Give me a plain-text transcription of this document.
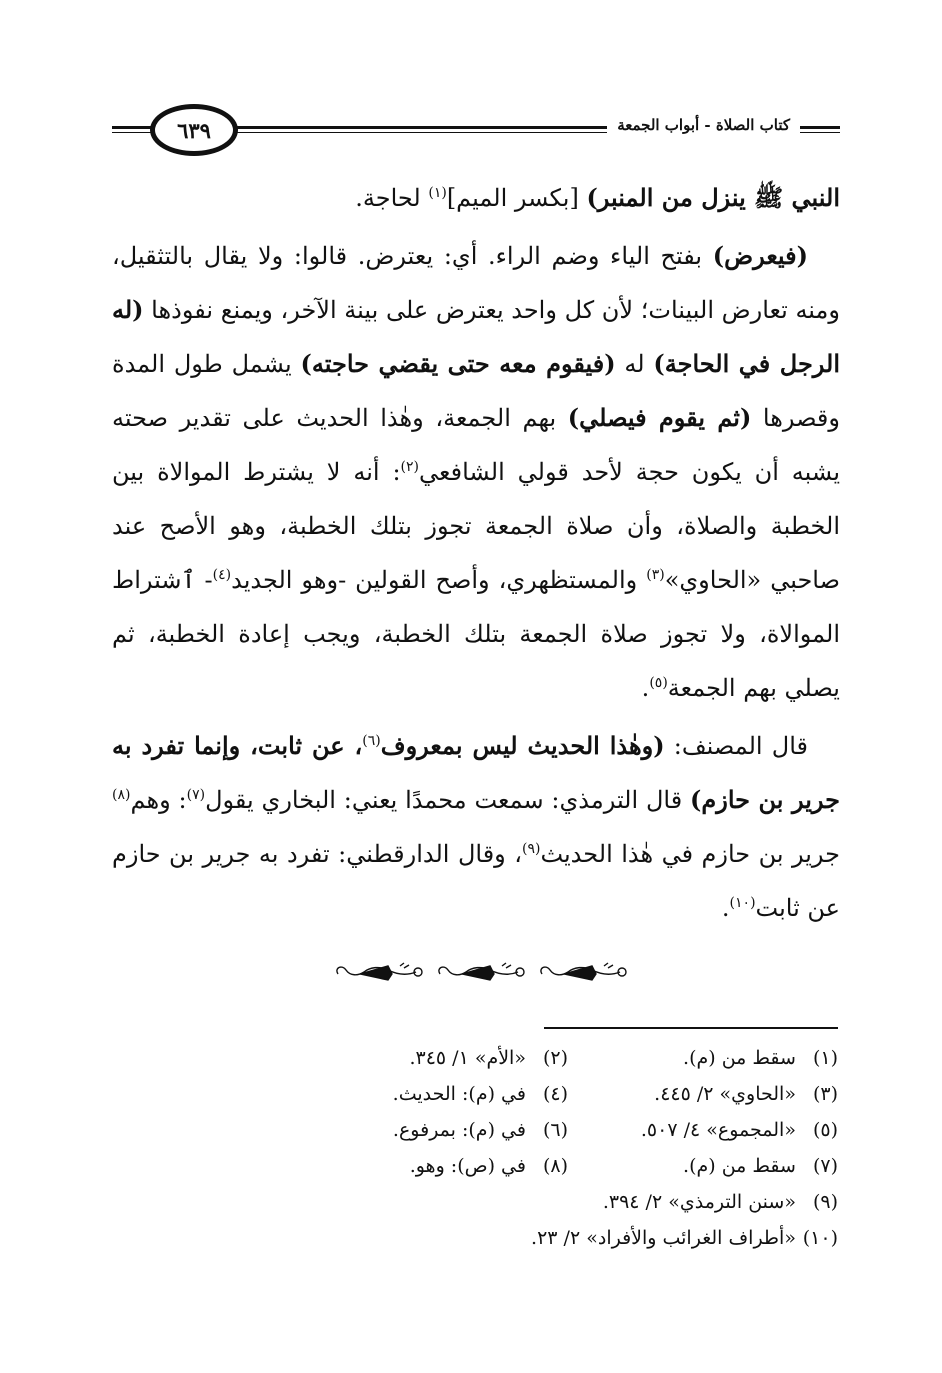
كتاب الصلاة - أبواب الجمعة
٦٣٩

النبي ﷺ ينزل من المنبر) [بكسر الميم]$^{(١)}$ لحاجة.

(فيعرض) بفتح الياء وضم الراء. أي: يعترض. قالوا: ولا يقال بالتثقيل، ومنه تعارض البينات؛ لأن كل واحد يعترض على بينة الآخر، ويمنع نفوذها (له الرجل في الحاجة) له (فيقوم معه حتى يقضي حاجته) يشمل طول المدة وقصرها (ثم يقوم فيصلي) بهم الجمعة، وهٰذا الحديث على تقدير صحته يشبه أن يكون حجة لأحد قولي الشافعي$^{(٢)}$: أنه لا يشترط الموالاة بين الخطبة والصلاة، وأن صلاة الجمعة تجوز بتلك الخطبة، وهو الأصح عند صاحبي «الحاوي»$^{(٣)}$ والمستظهري، وأصح القولين -وهو الجديد$^{(٤)}$- ٱشتراط الموالاة، ولا تجوز صلاة الجمعة بتلك الخطبة، ويجب إعادة الخطبة، ثم يصلي بهم الجمعة$^{(٥)}$.

قال المصنف: (وهٰذا الحديث ليس بمعروف$^{(٦)}$، عن ثابت، وإنما تفرد به جرير بن حازم) قال الترمذي: سمعت محمدًا يعني: البخاري يقول$^{(٧)}$: وهم$^{(٨)}$ جرير بن حازم في هٰذا الحديث$^{(٩)}$، وقال الدارقطني: تفرد به جرير بن حازم عن ثابت$^{(١٠)}$.

(١) سقط من (م).
(٢) «الأم» ١/ ٣٤٥.
(٣) «الحاوي» ٢/ ٤٤٥.
(٤) في (م): الحديث.
(٥) «المجموع» ٤/ ٥٠٧.
(٦) في (م): بمرفوع.
(٧) سقط من (م).
(٨) في (ص): وهو.
(٩) «سنن الترمذي» ٢/ ٣٩٤.
(١٠) «أطراف الغرائب والأفراد» ٢/ ٢٣.
